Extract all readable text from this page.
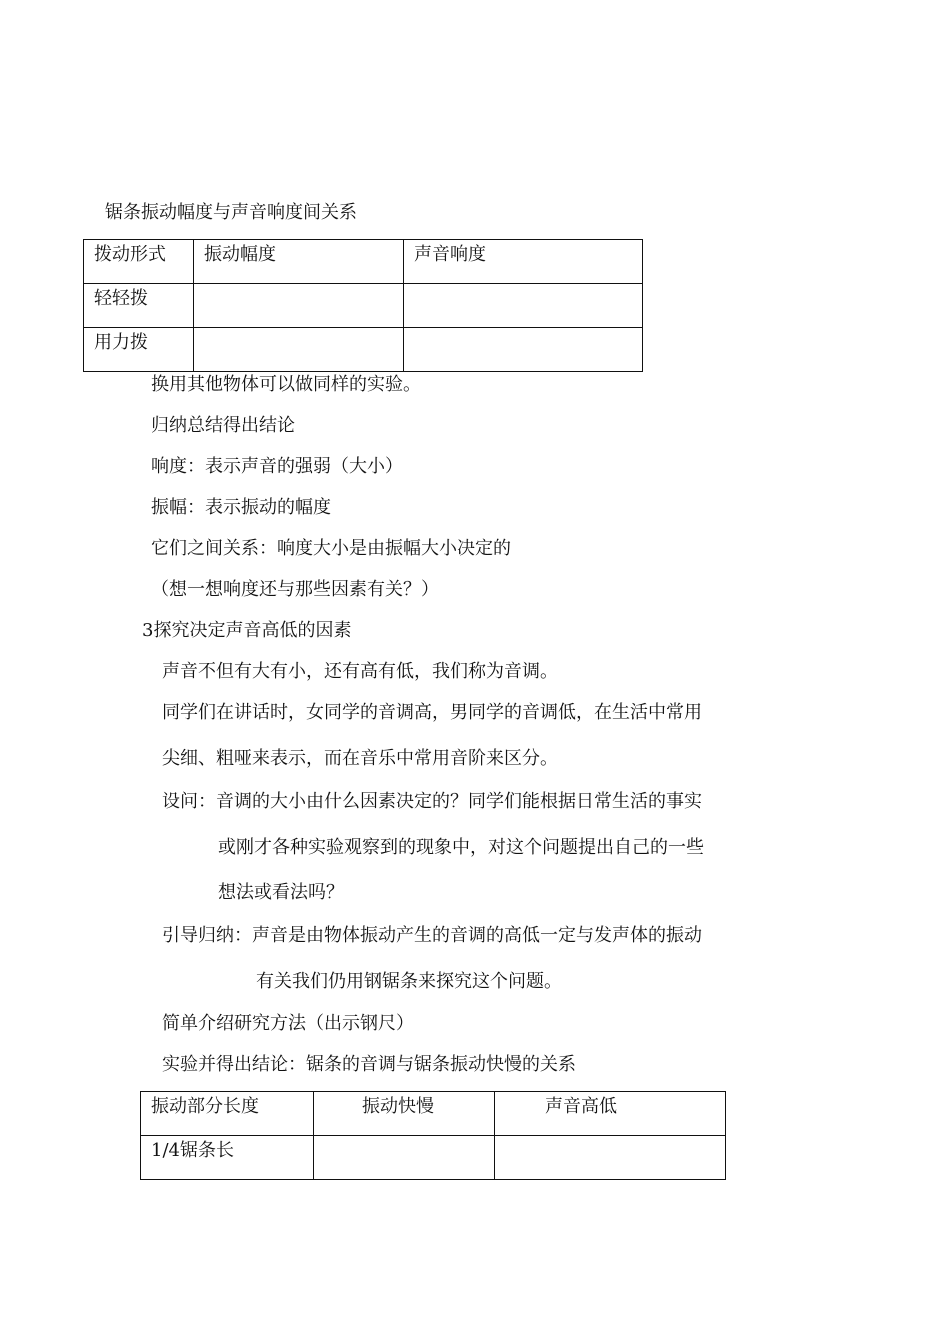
锯条振动幅度与声音响度间关系
拨动形式	振动幅度	声音响度
轻轻拨		
用力拨		
换用其他物体可以做同样的实验。
归纳总结得出结论
响度：表示声音的强弱（大小）
振幅：表示振动的幅度
它们之间关系：响度大小是由振幅大小决定的
（想一想响度还与那些因素有关？）
3探究决定声音高低的因素
声音不但有大有小，还有高有低，我们称为音调。
同学们在讲话时，女同学的音调高，男同学的音调低，在生活中常用
尖细、粗哑来表示，而在音乐中常用音阶来区分。
设问：音调的大小由什么因素决定的？同学们能根据日常生活的事实
或刚才各种实验观察到的现象中，对这个问题提出自己的一些
想法或看法吗？
引导归纳：声音是由物体振动产生的音调的高低一定与发声体的振动
有关我们仍用钢锯条来探究这个问题。
简单介绍研究方法（出示钢尺）
实验并得出结论：锯条的音调与锯条振动快慢的关系
振动部分长度	振动快慢	声音高低
1/4锯条长		
